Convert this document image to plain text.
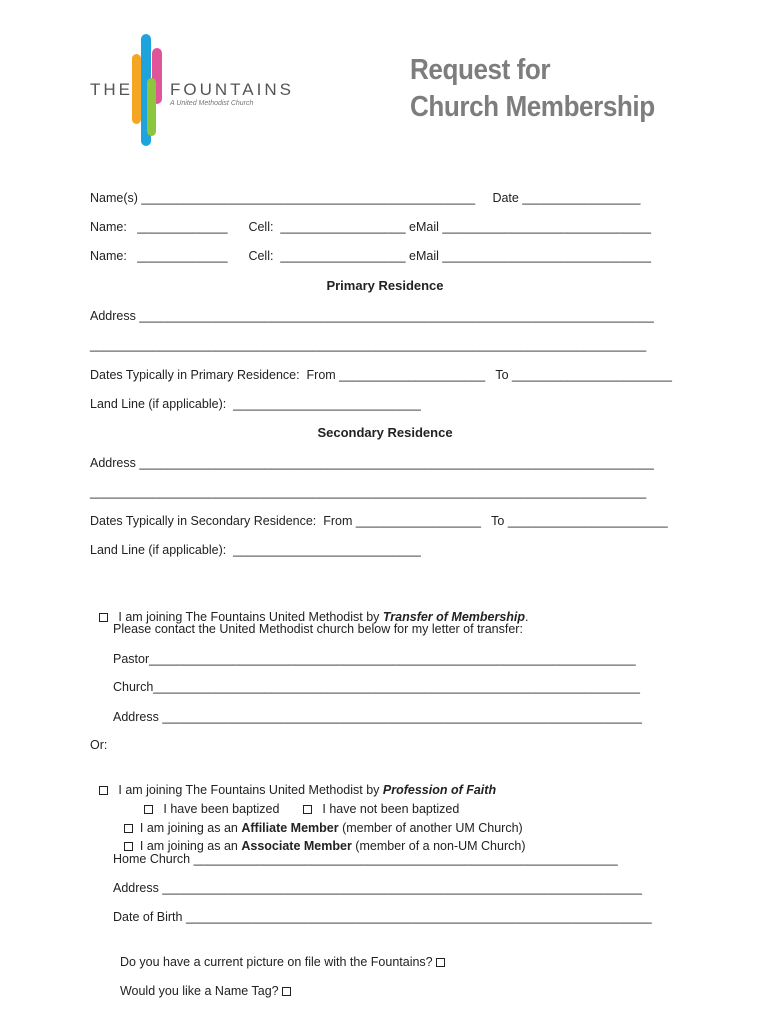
THE FOUNTAINS
A United Methodist Church
Request for
Church Membership
Name(s) ________________________________________________     Date _________________
Name:   _____________      Cell:  __________________ eMail ______________________________
Name:   _____________      Cell:  __________________ eMail ______________________________
Primary Residence
Address __________________________________________________________________________
________________________________________________________________________________
Dates Typically in Primary Residence:  From _____________________   To _______________________
Land Line (if applicable):  ___________________________
Secondary Residence
Address __________________________________________________________________________
________________________________________________________________________________
Dates Typically in Secondary Residence:  From __________________   To _______________________
Land Line (if applicable):  ___________________________

I am joining The Fountains United Methodist by Transfer of Membership.

Please contact the United Methodist church below for my letter of transfer:
Pastor______________________________________________________________________
Church______________________________________________________________________
Address _____________________________________________________________________
Or:

I am joining The Fountains United Methodist by Profession of Faith

I have been baptized	I have not been baptized

I am joining as an Affiliate Member (member of another UM Church)

I am joining as an Associate Member (member of a non-UM Church)

Home Church _____________________________________________________________
Address _____________________________________________________________________
Date of Birth ___________________________________________________________________

Do you have a current picture on file with the Fountains?

Would you like a Name Tag?
